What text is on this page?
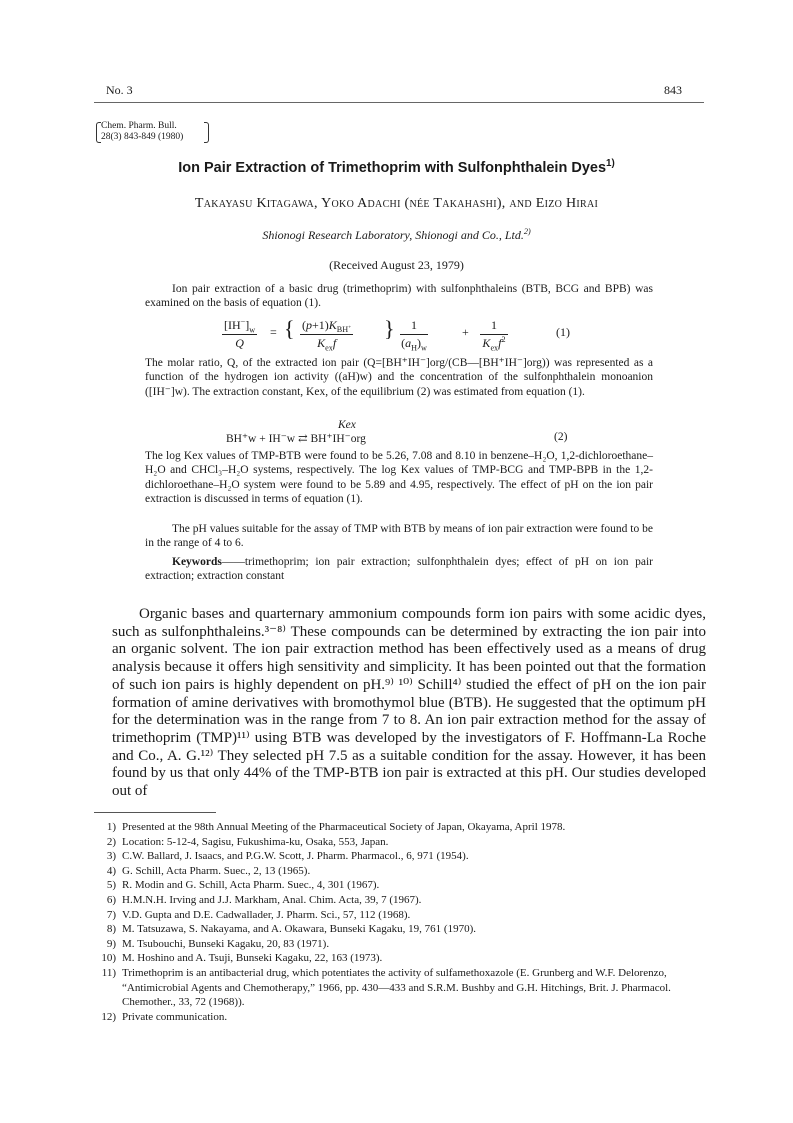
No. 3	843
Chem. Pharm. Bull.
28(3) 843-849 (1980)
Ion Pair Extraction of Trimethoprim with Sulfonphthalein Dyes$^{1)}$
Takayasu Kitagawa, Yoko Adachi (née Takahashi), and Eizo Hirai
Shionogi Research Laboratory, Shionogi and Co., Ltd.$^{2)}$
(Received August 23, 1979)
Ion pair extraction of a basic drug (trimethoprim) with sulfonphthaleins (BTB, BCG and BPB) was examined on the basis of equation (1).
$\frac{[IH^-]_w}{Q}$ = { $(p+1)K_{BH^+}$
$K_{ex}f$
} $\frac{1}{(a_H)_w}$	+ 1
$K_{ex}f^2$
(1)
The molar ratio, Q, of the extracted ion pair (Q=[BH⁺IH⁻]org/(CB—[BH⁺IH⁻]org)) was represented as a function of the hydrogen ion activity ((aH)w) and the concentration of the sulfonphthalein monoanion ([IH⁻]w). The extraction constant, Kex, of the equilibrium (2) was estimated from equation (1).
Kex
BH⁺w + IH⁻w ⇄ BH⁺IH⁻org	(2)
The log Kex values of TMP-BTB were found to be 5.26, 7.08 and 8.10 in benzene–H₂O, 1,2-dichloroethane–H₂O and CHCl₃–H₂O systems, respectively. The log Kex values of TMP-BCG and TMP-BPB in the 1,2-dichloroethane–H₂O system were found to be 5.89 and 4.95, respectively. The effect of pH on the ion pair extraction is discussed in terms of equation (1).
The pH values suitable for the assay of TMP with BTB by means of ion pair extraction were found to be in the range of 4 to 6.
Keywords——trimethoprim; ion pair extraction; sulfonphthalein dyes; effect of pH on ion pair extraction; extraction constant
Organic bases and quarternary ammonium compounds form ion pairs with some acidic dyes, such as sulfonphthaleins.³⁻⁸⁾ These compounds can be determined by extracting the ion pair into an organic solvent. The ion pair extraction method has been effectively used as a means of drug analysis because it offers high sensitivity and simplicity. It has been pointed out that the formation of such ion pairs is highly dependent on pH.⁹⁾ ¹⁰⁾ Schill⁴⁾ studied the effect of pH on the ion pair formation of amine derivatives with bromothymol blue (BTB). He suggested that the optimum pH for the determination was in the range from 7 to 8. An ion pair extraction method for the assay of trimethoprim (TMP)¹¹⁾ using BTB was developed by the investigators of F. Hoffmann-La Roche and Co., A. G.¹²⁾ They selected pH 7.5 as a suitable condition for the assay. However, it has been found by us that only 44% of the TMP-BTB ion pair is extracted at this pH. Our studies developed out of
1) Presented at the 98th Annual Meeting of the Pharmaceutical Society of Japan, Okayama, April 1978.
2) Location: 5-12-4, Sagisu, Fukushima-ku, Osaka, 553, Japan.
3) C.W. Ballard, J. Isaacs, and P.G.W. Scott, J. Pharm. Pharmacol., 6, 971 (1954).
4) G. Schill, Acta Pharm. Suec., 2, 13 (1965).
5) R. Modin and G. Schill, Acta Pharm. Suec., 4, 301 (1967).
6) H.M.N.H. Irving and J.J. Markham, Anal. Chim. Acta, 39, 7 (1967).
7) V.D. Gupta and D.E. Cadwallader, J. Pharm. Sci., 57, 112 (1968).
8) M. Tatsuzawa, S. Nakayama, and A. Okawara, Bunseki Kagaku, 19, 761 (1970).
9) M. Tsubouchi, Bunseki Kagaku, 20, 83 (1971).
10) M. Hoshino and A. Tsuji, Bunseki Kagaku, 22, 163 (1973).
11) Trimethoprim is an antibacterial drug, which potentiates the activity of sulfamethoxazole (E. Grunberg and W.F. Delorenzo, “Antimicrobial Agents and Chemotherapy,” 1966, pp. 430—433 and S.R.M. Bushby and G.H. Hitchings, Brit. J. Pharmacol. Chemother., 33, 72 (1968)).
12) Private communication.
